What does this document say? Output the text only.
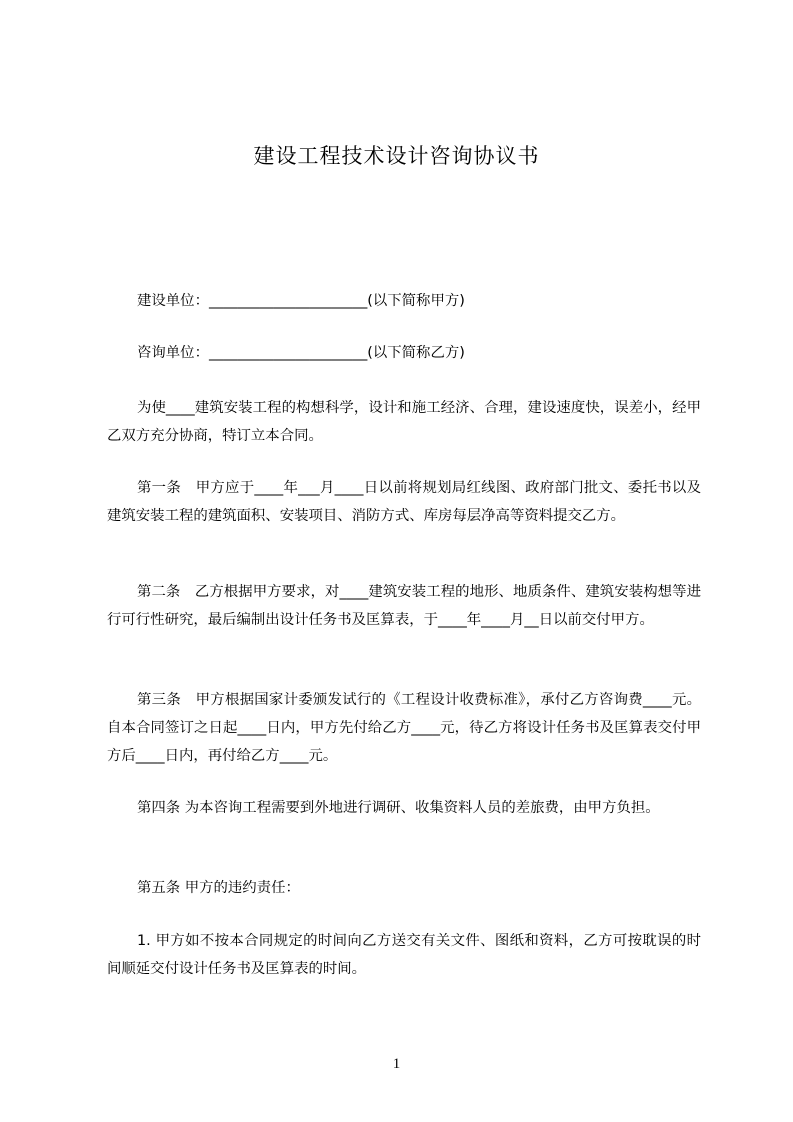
建设工程技术设计咨询协议书
建设单位：______________________(以下简称甲方)
咨询单位：______________________(以下简称乙方)
为使____建筑安装工程的构想科学，设计和施工经济、合理，建设速度快，误差小，经甲乙双方充分协商，特订立本合同。
第一条　甲方应于____年___月____日以前将规划局红线图、政府部门批文、委托书以及建筑安装工程的建筑面积、安装项目、消防方式、库房每层净高等资料提交乙方。
第二条　乙方根据甲方要求，对____建筑安装工程的地形、地质条件、建筑安装构想等进行可行性研究，最后编制出设计任务书及匡算表，于____年____月__日以前交付甲方。
第三条　甲方根据国家计委颁发试行的《工程设计收费标准》，承付乙方咨询费____元。自本合同签订之日起____日内，甲方先付给乙方____元，待乙方将设计任务书及匡算表交付甲方后____日内，再付给乙方____元。
第四条 为本咨询工程需要到外地进行调研、收集资料人员的差旅费，由甲方负担。
第五条 甲方的违约责任：
1. 甲方如不按本合同规定的时间向乙方送交有关文件、图纸和资料，乙方可按耽误的时间顺延交付设计任务书及匡算表的时间。
1
